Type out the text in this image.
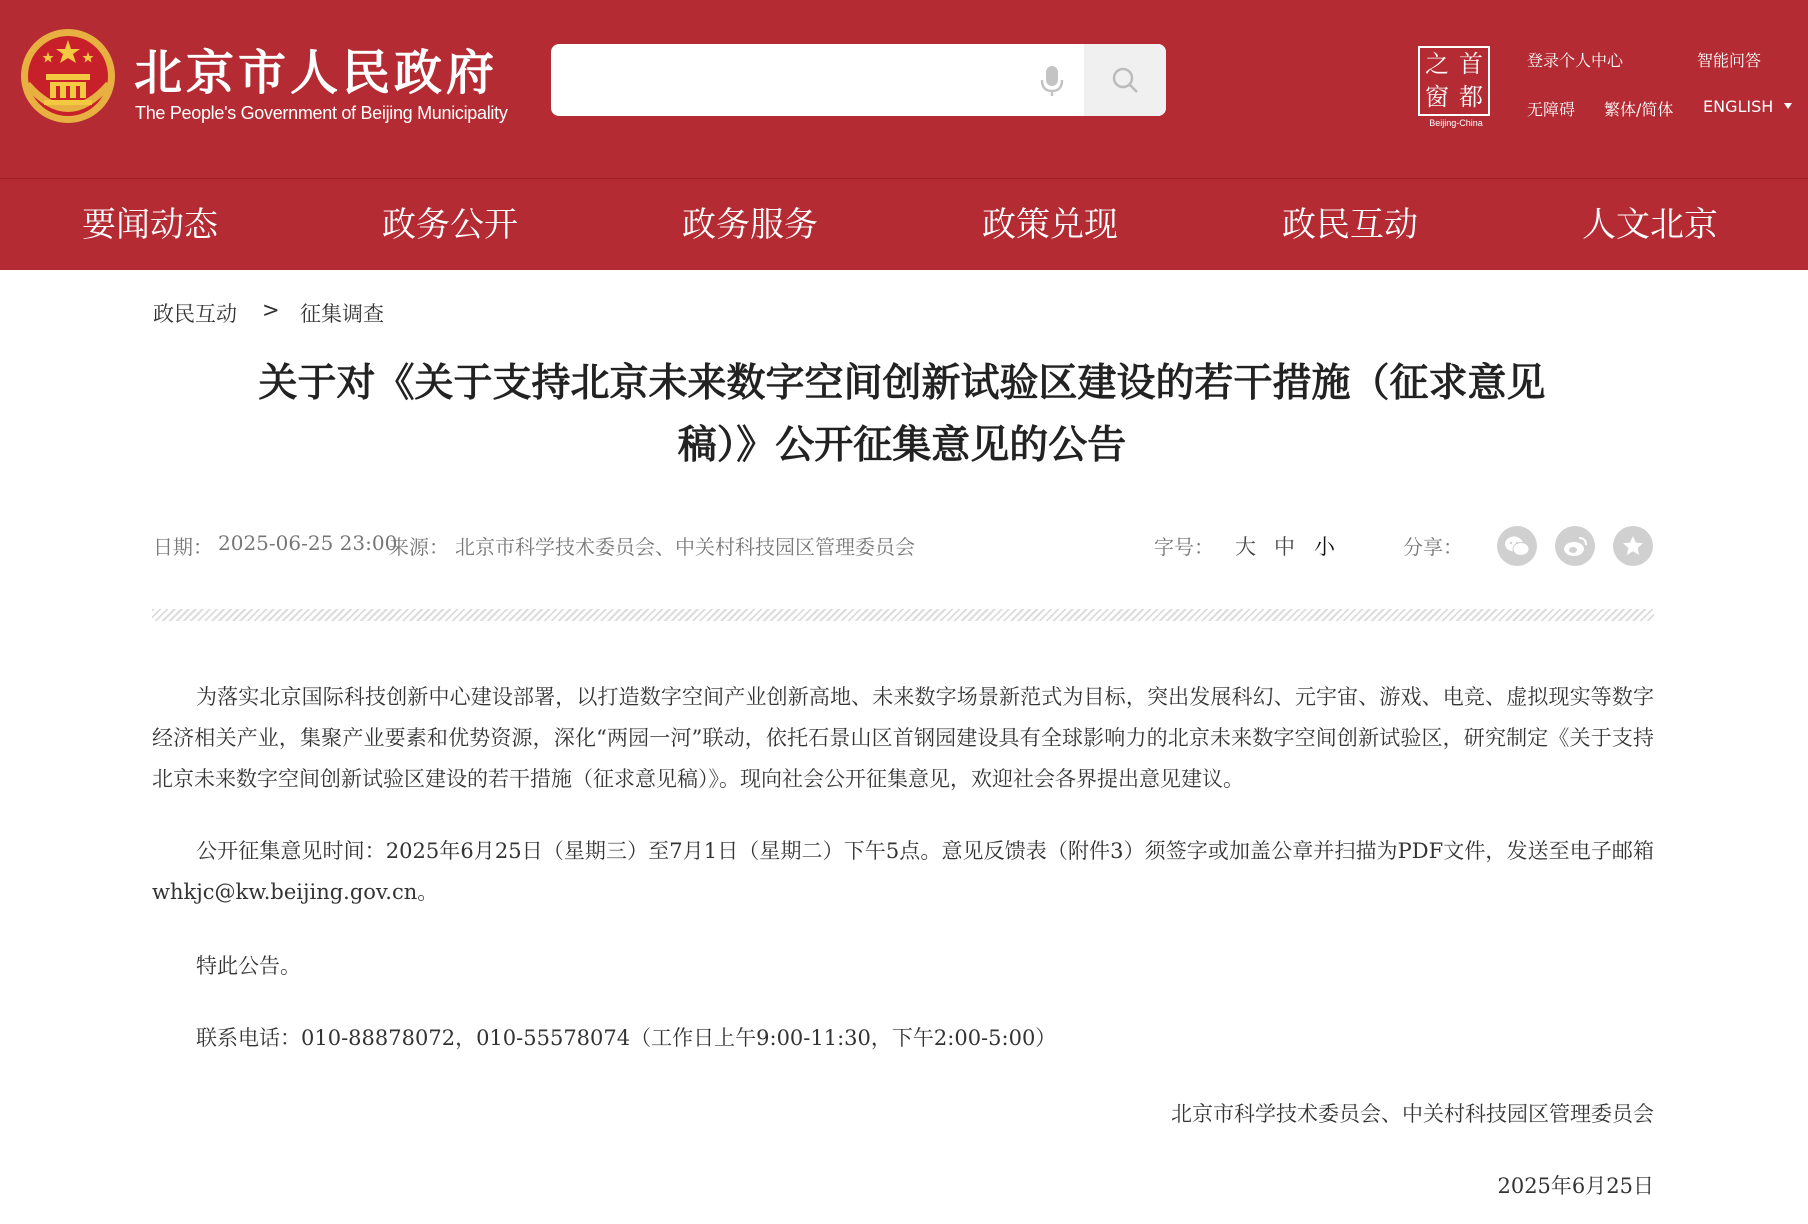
北京市人民政府
The People's Government of Beijing Municipality
之 首
窗 都
Beijing-China
登录个人中心	智能问答
无障碍 繁体/简体 ENGLISH
要闻动态	政务公开	政务服务	政策兑现	政民互动	人文北京
政民互动 > 征集调查
关于对《关于支持北京未来数字空间创新试验区建设的若干措施（征求意见
稿）》公开征集意见的公告
日期： 2025-06-25 23:00
来源： 北京市科学技术委员会、中关村科技园区管理委员会	字号： 大 中 小	分享：

为落实北京国际科技创新中心建设部署，以打造数字空间产业创新高地、未来数字场景新范式为目标，突出发展科幻、元宇宙、游戏、电竞、虚拟现实等数字经济相关产业，集聚产业要素和优势资源，深化“两园一河”联动，依托石景山区首钢园建设具有全球影响力的北京未来数字空间创新试验区，研究制定《关于支持北京未来数字空间创新试验区建设的若干措施（征求意见稿）》。现向社会公开征集意见，欢迎社会各界提出意见建议。

公开征集意见时间：2025年6月25日（星期三）至7月1日（星期二）下午5点。意见反馈表（附件3）须签字或加盖公章并扫描为PDF文件，发送至电子邮箱whkjc@kw.beijing.gov.cn。

特此公告。

联系电话：010-88878072，010-55578074（工作日上午9:00-11:30，下午2:00-5:00）

北京市科学技术委员会、中关村科技园区管理委员会
2025年6月25日
